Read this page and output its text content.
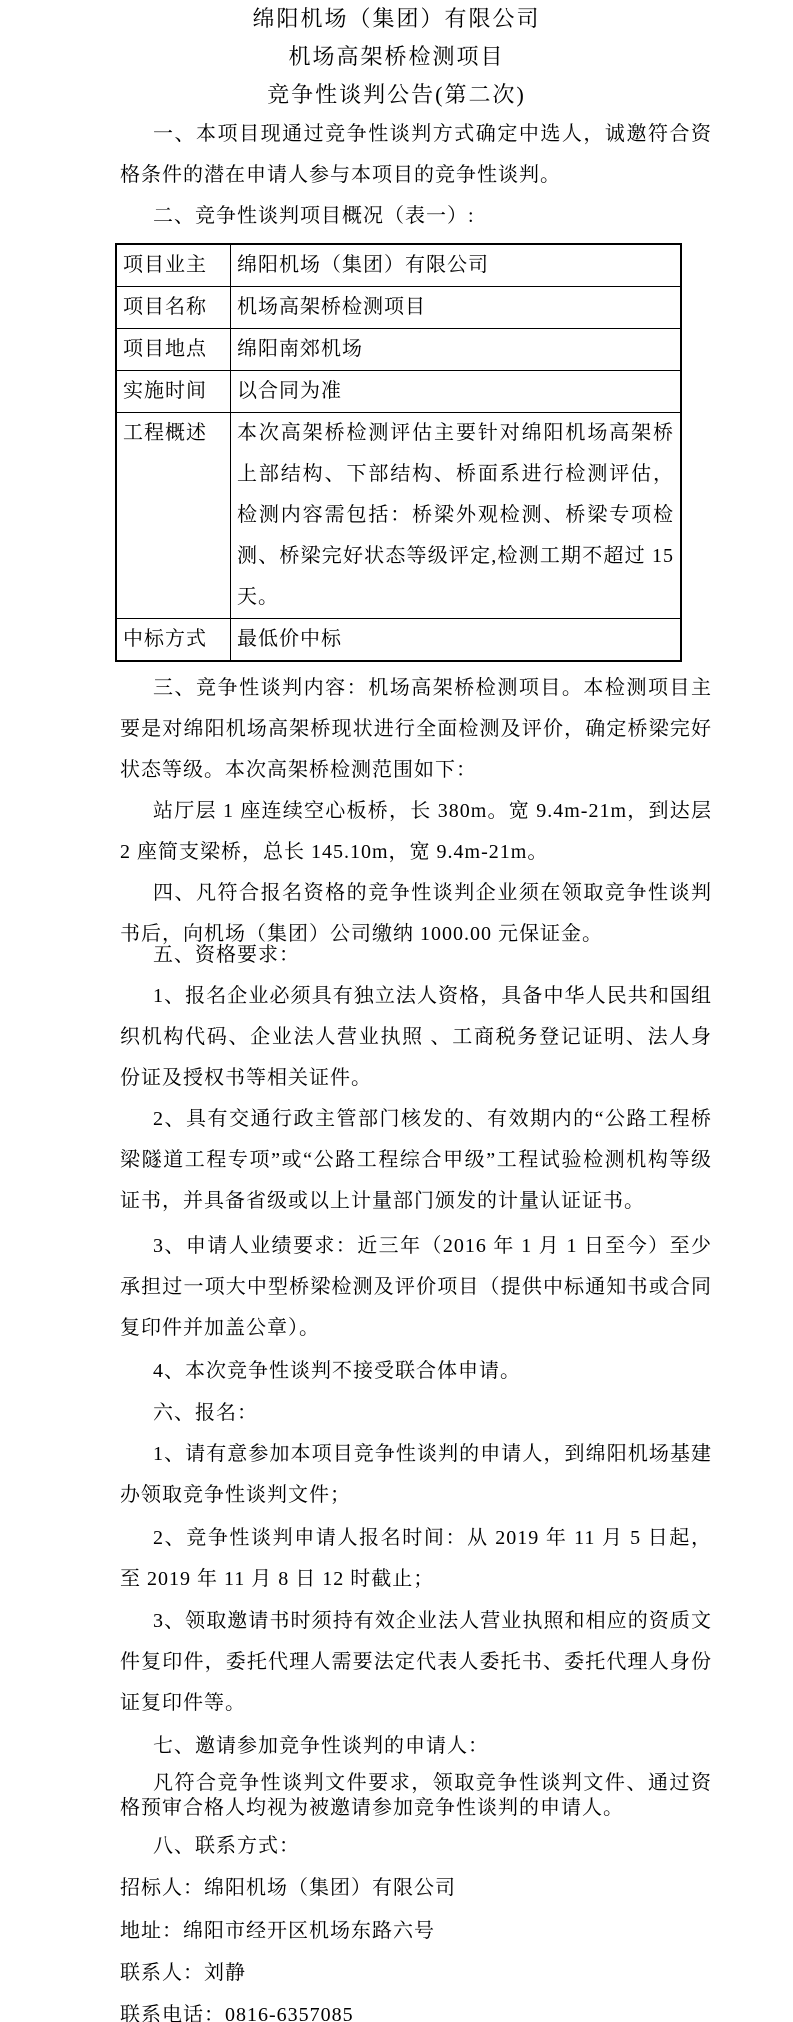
绵阳机场（集团）有限公司

机场高架桥检测项目

竞争性谈判公告(第二次)

一、本项目现通过竞争性谈判方式确定中选人，诚邀符合资格条件的潜在申请人参与本项目的竞争性谈判。

二、竞争性谈判项目概况（表一）:

项目业主	绵阳机场（集团）有限公司
项目名称	机场高架桥检测项目
项目地点	绵阳南郊机场
实施时间	以合同为准
工程概述	本次高架桥检测评估主要针对绵阳机场高架桥上部结构、下部结构、桥面系进行检测评估，检测内容需包括：桥梁外观检测、桥梁专项检测、桥梁完好状态等级评定,检测工期不超过 15 天。
中标方式	最低价中标

三、竞争性谈判内容：机场高架桥检测项目。本检测项目主要是对绵阳机场高架桥现状进行全面检测及评价，确定桥梁完好状态等级。本次高架桥检测范围如下：

站厅层 1 座连续空心板桥，长 380m。宽 9.4m-21m，到达层 2 座简支梁桥，总长 145.10m，宽 9.4m-21m。

四、凡符合报名资格的竞争性谈判企业须在领取竞争性谈判书后，向机场（集团）公司缴纳 1000.00 元保证金。

五、资格要求：

1、报名企业必须具有独立法人资格，具备中华人民共和国组织机构代码、企业法人营业执照 、工商税务登记证明、法人身份证及授权书等相关证件。

2、具有交通行政主管部门核发的、有效期内的“公路工程桥梁隧道工程专项”或“公路工程综合甲级”工程试验检测机构等级证书，并具备省级或以上计量部门颁发的计量认证证书。

3、申请人业绩要求：近三年（2016 年 1 月 1 日至今）至少承担过一项大中型桥梁检测及评价项目（提供中标通知书或合同复印件并加盖公章）。

4、本次竞争性谈判不接受联合体申请。

六、报名：

1、请有意参加本项目竞争性谈判的申请人，到绵阳机场基建办领取竞争性谈判文件；

2、竞争性谈判申请人报名时间：从 2019 年 11 月 5 日起，至 2019 年 11 月 8 日 12 时截止；

3、领取邀请书时须持有效企业法人营业执照和相应的资质文件复印件，委托代理人需要法定代表人委托书、委托代理人身份证复印件等。

七、邀请参加竞争性谈判的申请人：

凡符合竞争性谈判文件要求，领取竞争性谈判文件、通过资格预审合格人均视为被邀请参加竞争性谈判的申请人。

八、联系方式：

招标人：绵阳机场（集团）有限公司

地址：绵阳市经开区机场东路六号

联系人：刘静

联系电话：0816-6357085
